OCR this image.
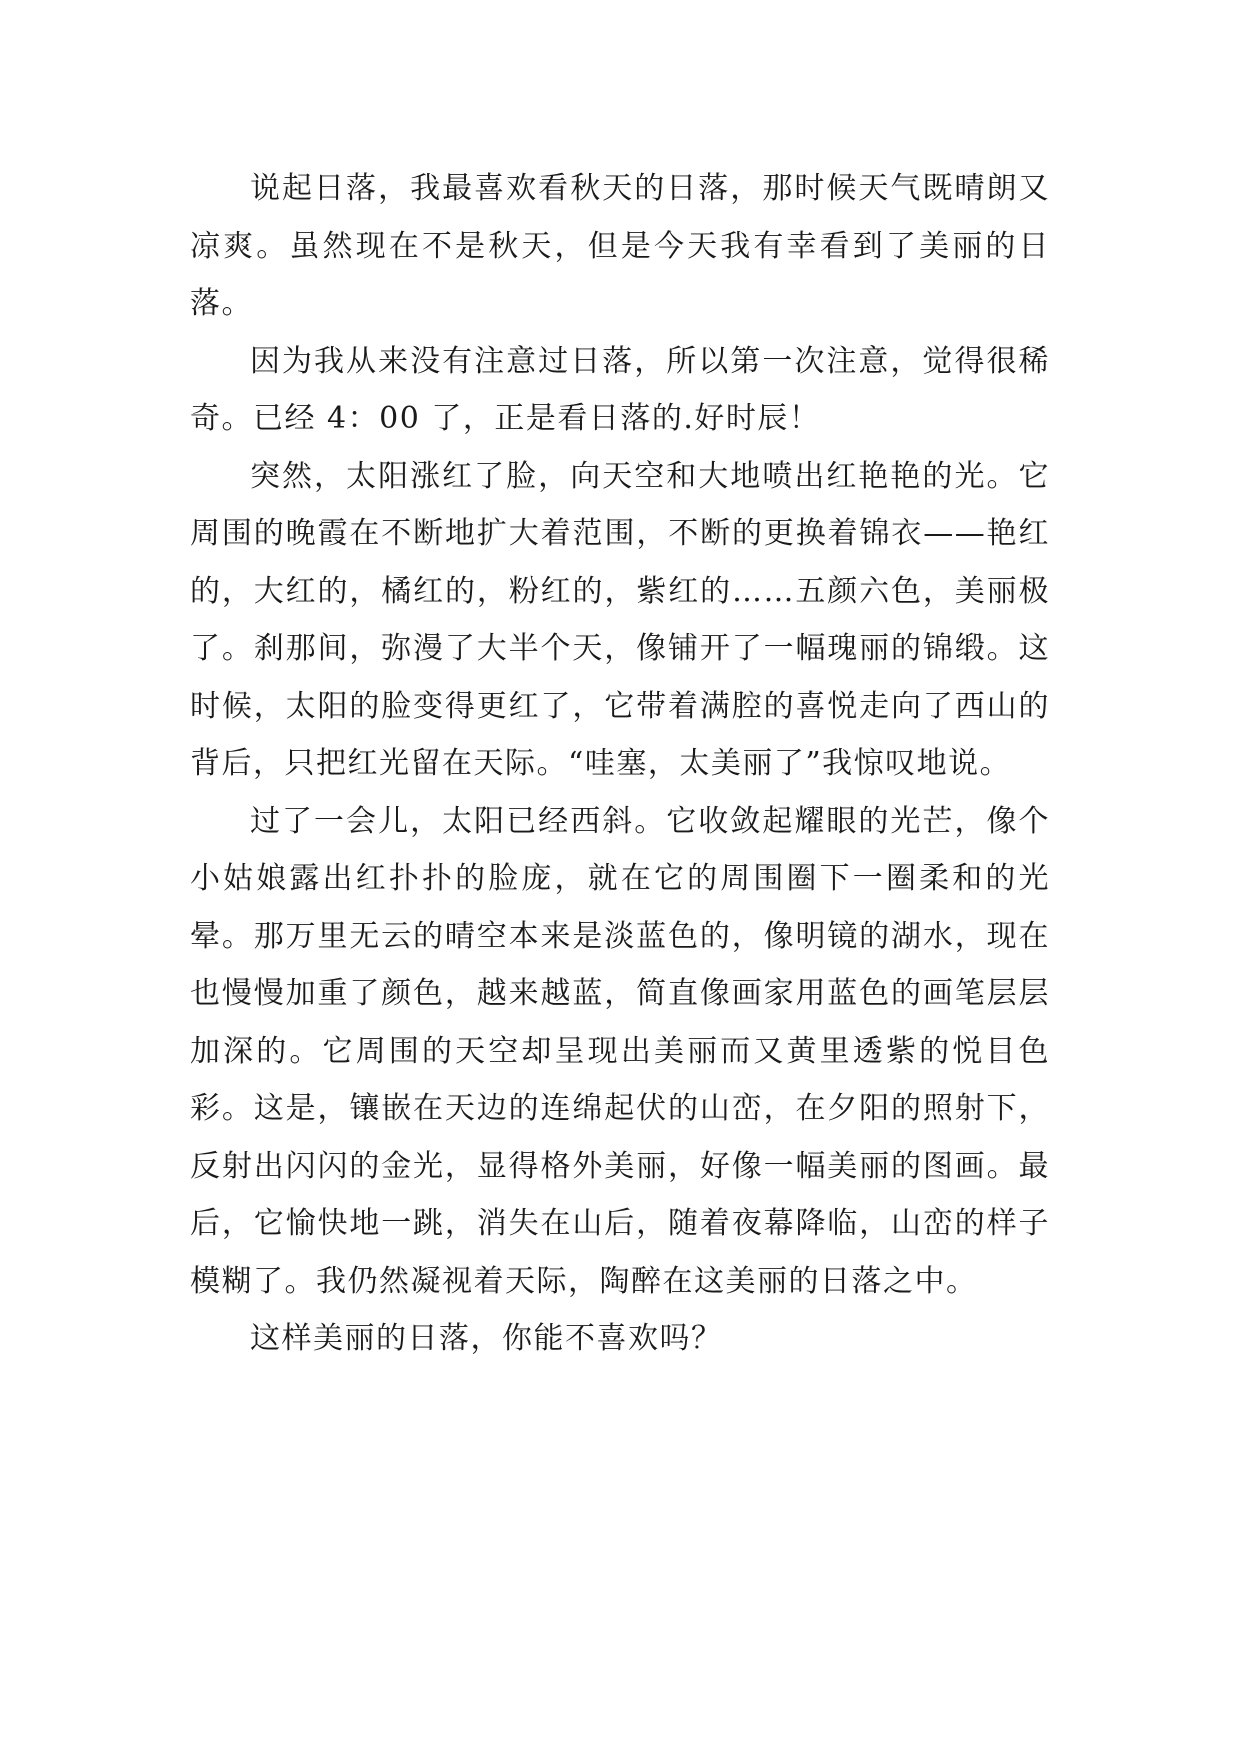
说起日落，我最喜欢看秋天的日落，那时候天气既晴朗又凉爽。虽然现在不是秋天，但是今天我有幸看到了美丽的日落。

因为我从来没有注意过日落，所以第一次注意，觉得很稀奇。已经 4：00 了，正是看日落的.好时辰！

突然，太阳涨红了脸，向天空和大地喷出红艳艳的光。它周围的晚霞在不断地扩大着范围，不断的更换着锦衣——艳红的，大红的，橘红的，粉红的，紫红的……五颜六色，美丽极了。刹那间，弥漫了大半个天，像铺开了一幅瑰丽的锦缎。这时候，太阳的脸变得更红了，它带着满腔的喜悦走向了西山的背后，只把红光留在天际。“哇塞，太美丽了”我惊叹地说。

过了一会儿，太阳已经西斜。它收敛起耀眼的光芒，像个小姑娘露出红扑扑的脸庞，就在它的周围圈下一圈柔和的光晕。那万里无云的晴空本来是淡蓝色的，像明镜的湖水，现在也慢慢加重了颜色，越来越蓝，简直像画家用蓝色的画笔层层加深的。它周围的天空却呈现出美丽而又黄里透紫的悦目色彩。这是，镶嵌在天边的连绵起伏的山峦，在夕阳的照射下，反射出闪闪的金光，显得格外美丽，好像一幅美丽的图画。最后，它愉快地一跳，消失在山后，随着夜幕降临，山峦的样子模糊了。我仍然凝视着天际，陶醉在这美丽的日落之中。

这样美丽的日落，你能不喜欢吗？
